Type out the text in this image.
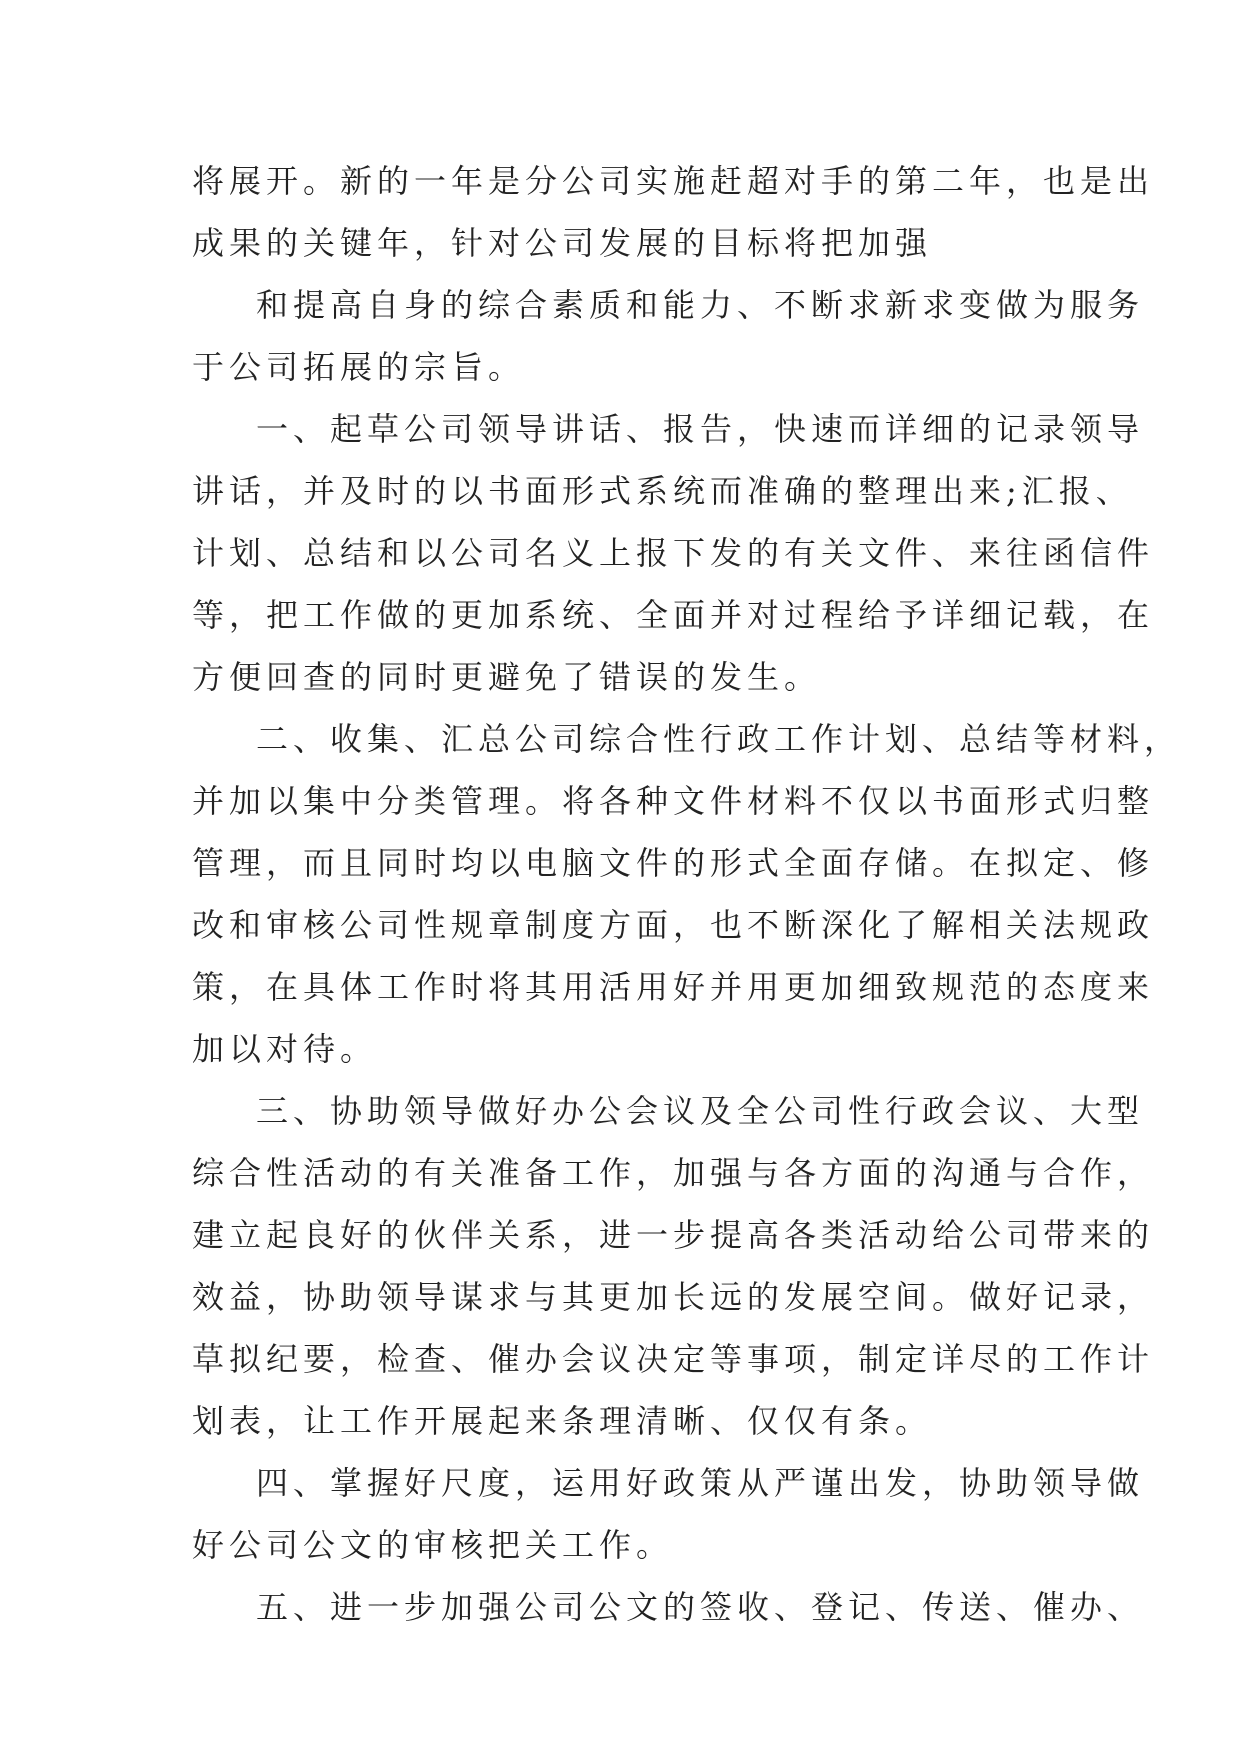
将展开。新的一年是分公司实施赶超对手的第二年，也是出
成果的关键年，针对公司发展的目标将把加强

和提高自身的综合素质和能力、不断求新求变做为服务
于公司拓展的宗旨。

一、起草公司领导讲话、报告，快速而详细的记录领导
讲话，并及时的以书面形式系统而准确的整理出来;汇报、
计划、总结和以公司名义上报下发的有关文件、来往函信件
等，把工作做的更加系统、全面并对过程给予详细记载，在
方便回查的同时更避免了错误的发生。

二、收集、汇总公司综合性行政工作计划、总结等材料，
并加以集中分类管理。将各种文件材料不仅以书面形式归整
管理，而且同时均以电脑文件的形式全面存储。在拟定、修
改和审核公司性规章制度方面，也不断深化了解相关法规政
策，在具体工作时将其用活用好并用更加细致规范的态度来
加以对待。

三、协助领导做好办公会议及全公司性行政会议、大型
综合性活动的有关准备工作，加强与各方面的沟通与合作，
建立起良好的伙伴关系，进一步提高各类活动给公司带来的
效益，协助领导谋求与其更加长远的发展空间。做好记录，
草拟纪要，检查、催办会议决定等事项，制定详尽的工作计
划表，让工作开展起来条理清晰、仅仅有条。

四、掌握好尺度，运用好政策从严谨出发，协助领导做
好公司公文的审核把关工作。

五、进一步加强公司公文的签收、登记、传送、催办、
